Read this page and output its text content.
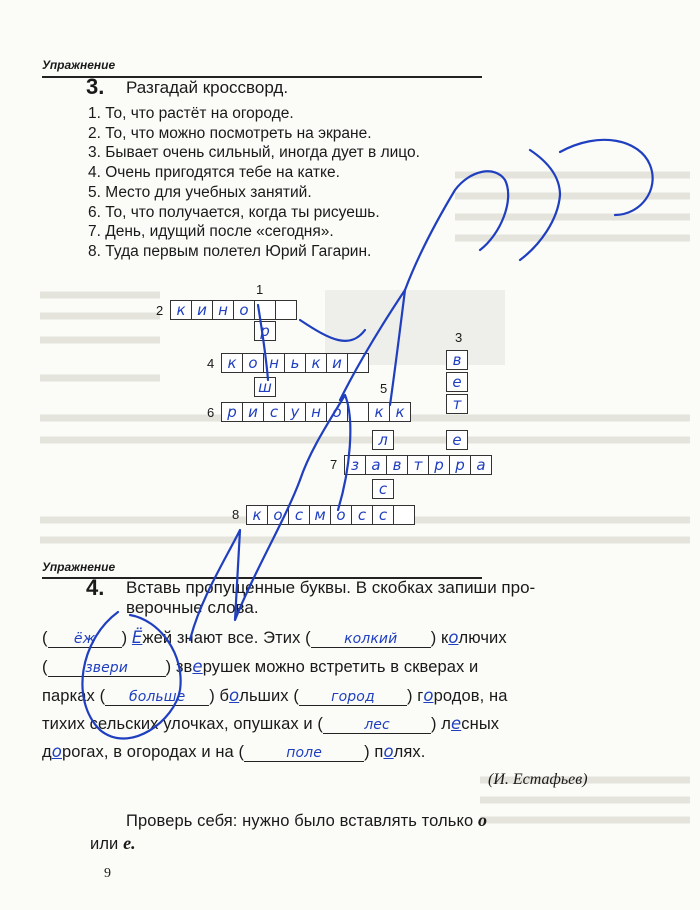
Упражнение
3. Разгадай кроссворд.
1. То, что растёт на огороде.
2. То, что можно посмотреть на экране.
3. Бывает очень сильный, иногда дует в лицо.
4. Очень пригодятся тебе на катке.
5. Место для учебных занятий.
6. То, что получается, когда ты рисуешь.
7. День, идущий после «сегодня».
8. Туда первым полетел Юрий Гагарин.
1
2
3
4
5
6
7
8
к и н о
р
ш
к о н ь к и
р и с у н о	к к
л
с
с
в
е
т
е
р
з а в т р	а
к о с м о с
Упражнение
4. Вставь пропущенные буквы. В скобках запиши про-
верочные слова.
( ёж ) Ёжей знают все. Этих ( колкий ) колючих
(	звери ) зверушек можно встретить в скверах и
парках ( больше ) больших ( город ) городов, на
тихих сельских улочках, опушках и (	лес ) лесных
дорогах, в огородах и на (	поле	) полях.
(И. Естафьев)
Проверь себя: нужно было вставлять только о
или е.
9
